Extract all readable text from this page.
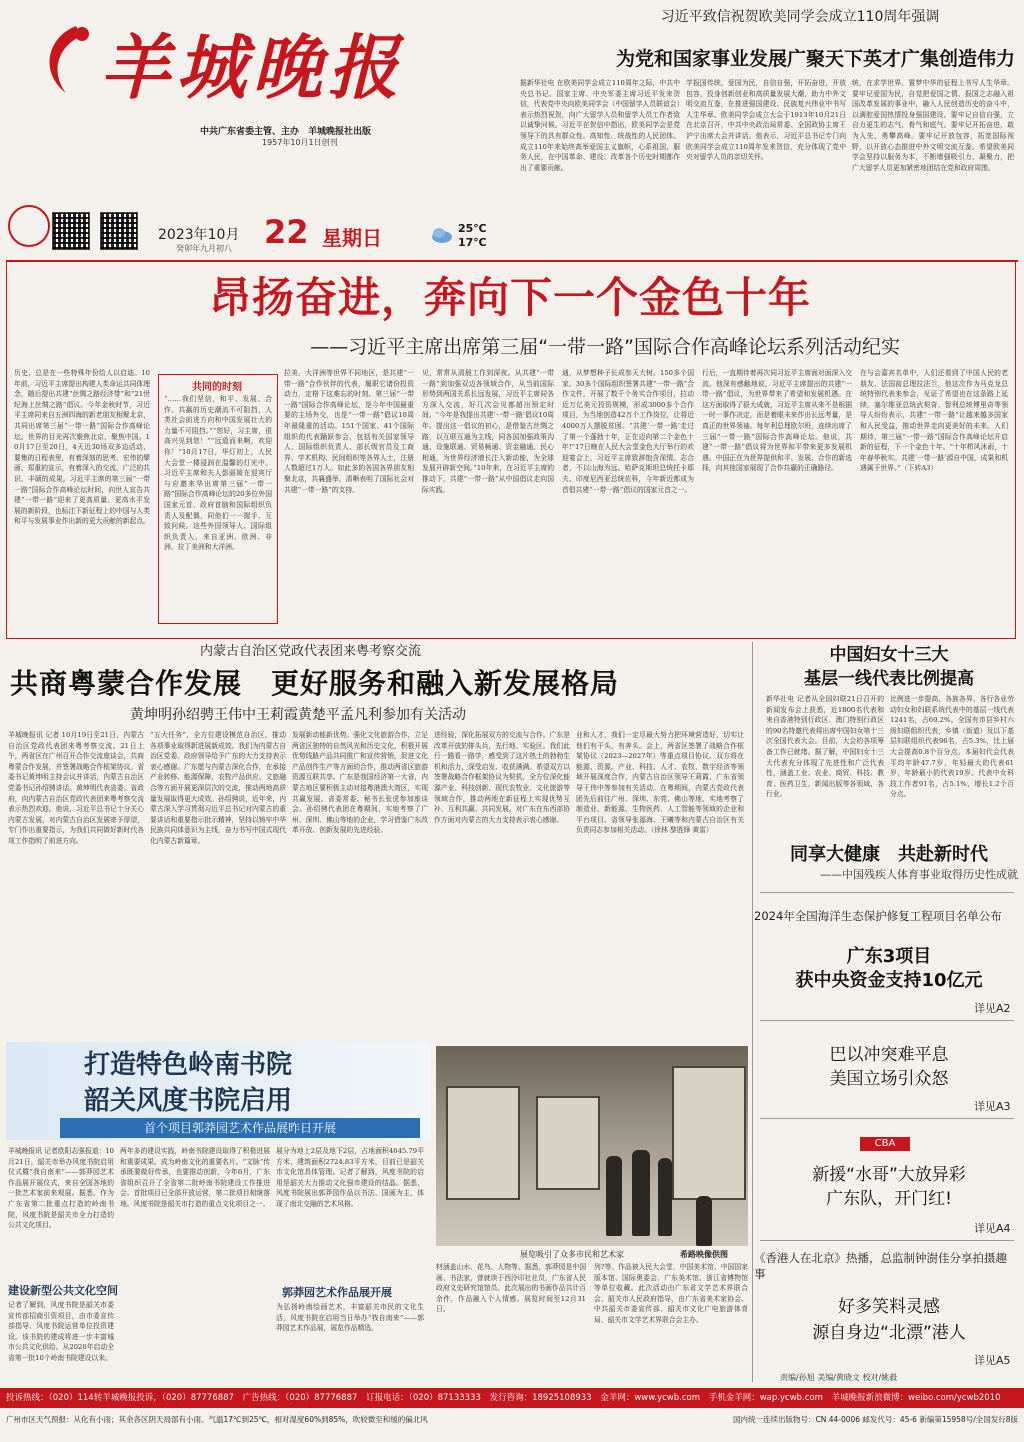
羊城晚报
中共广东省委主管、主办　羊城晚报社出版
1957年10月1日创刊
2023年10月 22 星期日
癸卯年九月初八
25℃
17℃
习近平致信祝贺欧美同学会成立110周年强调
为党和国家事业发展广聚天下英才广集创造伟力
据新华社电 在欧美同学会成立110周年之际，中共中央总书记、国家主席、中央军委主席习近平发来贺信，代表党中央向欧美同学会（中国留学人员联谊会）表示热烈祝贺，向广大留学人员和留学人员工作者致以诚挚问候。习近平在贺信中指出，欧美同学会是党领导下的具有群众性、高知性、统战性的人民团体。成立110年来始终高举爱国主义旗帜，心系祖国，服务人民，在中国革命、建设、改革各个历史时期都作出了重要贡献。
学报国传统，爱国为民，自信自强，开拓奋进，开放包容，投身创新创业和高质量发展大潮，助力中外文明交流互鉴，在推进强国建设、民族复兴伟业中书写人生华章。欧美同学会成立大会于1913年10月21日在北京召开，中共中央政治局常委、全国政协主席王沪宁出席大会并讲话。他表示，习近平总书记专门向欧美同学会成立110周年发来贺信，充分体现了党中央对留学人员的亲切关怀。
统，在求学世界、置梦中华的征程上书写人生华章。要牢记爱国为民，自觉把爱国之情、报国之志融入祖国改革发展的事业中，融入人民创造历史的奋斗中，以满腔爱国热情投身强国建设。要牢记自信自强，立自力更生的志气、骨气和底气。要牢记开拓奋进，敢为人先，勇攀高峰。要牢记开放包容，拓宽国际视野，以开放心态推进中外文明交流互鉴。希望欧美同学会坚持以服务为本，不断增强吸引力、凝聚力，把广大留学人员更加紧密地团结在党和政府周围。
昂扬奋进，奔向下一个金色十年
——习近平主席出席第三届“一带一路”国际合作高峰论坛系列活动纪实
历史，总是在一些特殊年份给人以启迪。10年前，习近平主席提出构建人类命运共同体理念，随后提出共建“丝绸之路经济带”和“21世纪海上丝绸之路”倡议。今年金秋时节，习近平主席同来自五洲四海的新老朋友相聚北京，共同出席第三届“一带一路”国际合作高峰论坛。世界的目光再次聚焦北京，聚焦中国。10月17日至20日，4天近30场双多边活动，要集的日程表里，有着深刻的思考、宏伟的擘画、郑重的宣示，有着深入的交流、广泛的共识、丰硕的成果。习近平主席的第三届“一带一路”国际合作高峰论坛时间，向世人宣告共建“一带一路”迎来了更高质量、更高水平发展的新阶段，也标注下新征程上的中国与人类和平与发展事业作出新的更大贡献的新起点。
共同的时刻
“……我们坚信，和平、发展、合作、共赢的历史潮流不可阻挡，人类社会前进方向和中国发展壮大的力量不可阻挡。”“您好，习主席，很高兴见到您！”“远道而来啊，欢迎你！”10月17日，华灯初上，人民大会堂一楼浸润在温馨的灯光中。习近平主席和夫人彭丽媛在迎宾厅与应邀来华出席第三届“一带一路”国际合作高峰论坛的20多位外国国家元首、政府首脑和国际组织负责人及配偶，同他们一一握手、互致问候。这些外国领导人、国际组织负责人，来自亚洲、欧洲、非洲、拉丁美洲和大洋洲。
拉美、大洋洲等世界不同地区，是共建“一带一路”合作伙伴的代表，履职它诸份投资动力，定格下这难忘的时刻。第三届“一带一路”国际合作高峰论坛，是今年中国最重要的主场外交，也是“一带一路”倡议10周年最隆重的活动。151个国家、41个国际组织的代表踊跃参会，包括有关国家领导人、国际组织负责人、部长级官员及工商界、学术机构、民间组织等各界人士，注册人数超过1万人。如此多的各国各界朋友相聚北京，共襄盛举，清晰表明了国际社会对共建“一带一路”的支持。
见，常常从清晨工作到深夜。从共建“一带一路”到加强双边各领域合作，从当前国际形势到两国关系长远发展，习近平主席同各方深入交流，好几次会见都超出预定时间。“今年是我提出共建‘一带一路’倡议10周年。提出这一倡议的初心，是借鉴古丝绸之路，以互联互通为主线，同各国加强政策沟通、设施联通、贸易畅通、资金融通、民心相通，为世界经济增长注入新动能，为全球发展开辟新空间。”10年来，在习近平主席的推动下，共建“一带一路”从中国倡议走向国际实践。
通，从梦想种子长成参天大树。150多个国家、30多个国际组织签署共建“一带一路”合作文件，开展了数千个务实合作项目，拉动近万亿美元投资规模，形成3000多个合作项目，为当地创造42万个工作岗位，让将近4000万人摆脱贫困。“共建‘一带一路’走过了第一个蓬勃十年，正在迈向第二个金色十年!”17日晚在人民大会堂金色大厅举行的欢迎宴会上，习近平主席致辞饱含深情。志合者，不以山海为远。哈萨克斯坦总统托卡耶夫、印度尼西亚总统佐科，今年新近都成为首倡共建“一带一路”倡议的国家元首之一。
行后，一直期待着再次同习近平主席面对面深入交流。他深有感触地说，习近平主席提出的共建“一带一路”倡议，为世界带来了希望和发展机遇。在这方面取得了很大成就，习近平主席从来不是根据一时一事作决定，而是着眼未来作出长远考量，是真正的世界领袖。每年利总理欧尔班，连续出席了三届“一带一路”国际合作高峰论坛。他说，共建“一带一路”倡议将为世界和平带来更多发展机遇。中国正在为世界提供和平、发展、合作的新选择，向其他国家展现了合作共赢的正确路径。
在与会嘉宾名单中，人们还看到了中国人民的老朋友、法国前总理拉法兰，他这次作为马克龙总统特别代表来参会，见证了希望也在这条路上延续。塞尔维亚总统武契奇、智利总统博里奇等领导人纷纷表示，共建“一带一路”让越来越多国家和人民受益，推动世界走向更美好的未来。人们期待，第三届“一带一路”国际合作高峰论坛开启新的征程，下一个金色十年。“十年栉风沐雨，十年春华秋实。共建‘一带一路’源自中国，成果和机遇属于世界。”（下转A3）
内蒙古自治区党政代表团来粤考察交流
共商粤蒙合作发展　更好服务和融入新发展格局
黄坤明孙绍骋王伟中王莉霞黄楚平孟凡利参加有关活动
羊城晚报讯 记者 10月19日至21日，内蒙古自治区党政代表团来粤考察交流。21日上午，两省区在广州召开合作交流座谈会，共商粤蒙合作发展，并签署战略合作框架协议。省委书记黄坤明主持会议并讲话，内蒙古自治区党委书记孙绍骋讲话。黄坤明代表省委、省政府，向内蒙古自治区党政代表团来粤考察交流表示热烈欢迎。他说，习近平总书记十分关心内蒙古发展，对内蒙古自治区发展寄予厚望，专门作出重要指示，为我们共同做好新时代各项工作指明了前进方向。
“五大任务”，全方位建设模范自治区，推动各项事业取得新进展新成效。我们为内蒙古自治区党委、政府领导给予广东的大力支持表示衷心感谢。广东愿与内蒙古深化合作，在承接产业转移、能源保障、农牧产品供应、文旅融合等方面开展更深层次的交流，推动两地高质量发展取得更大成效。孙绍骋说，近年来，内蒙古深入学习贯彻习近平总书记对内蒙古的重要讲话和重要指示批示精神，坚持以铸牢中华民族共同体意识为主线，奋力书写中国式现代化内蒙古新篇章。
发展新动能新优势。强化文化旅游合作，立足两省区独特的自然风光和历史文化，积极开展优势线路产品共同推广和宣传营销，促进文化产品创作生产等方面的合作，推动两省区旅游资源互联共享。广东是我国经济第一大省，内蒙古地区要积极主动对接粤港澳大湾区，实现共赢发展。省委常委、秘书长张虎参加座谈会。孙绍骋代表团在粤期间，实地考察了广州、深圳、佛山等地的企业，学习借鉴广东改革开放、创新发展的先进经验。
进经验，深化拓展双方的交流与合作。广东是改革开放的排头兵，先行地、实验区。我们此行一路看一路学，感受到了这片热土的勃勃生机和活力，深受启发、收获满满。希望双方以签署战略合作框架协议为契机，全方位深化能源产业、科技创新、现代农牧业、文化旅游等领域合作，推动两地在新征程上实现优势互补、互利共赢、共同发展。对广东在东西部协作方面对内蒙古的大力支持表示衷心感谢。
业和人才，我们一定尽最大努力把环境营造好，切实让他们有干头、有奔头。会上，两省区签署了战略合作框架协议（2023—2027年）等重点项目协议。双方将在能源、资源、产业、科技、人才、农牧、数字经济等领域开展深度合作，内蒙古自治区领导王莉霞、广东省领导王伟中等参加有关活动。在粤期间，内蒙古党政代表团先后前往广州、深圳、东莞、佛山等地，实地考察了制造业、新能源、生物医药、人工智能等领域的企业和平台项目。省领导张福海、王曦等和内蒙古自治区有关负责同志参加相关活动。（徐林 黎胜锋 黄雷）
中国妇女十三大
基层一线代表比例提高
新华社电 记者从全国妇联21日召开的新闻发布会上获悉，近1800名代表和来自香港特别行政区、澳门特别行政区的90名特邀代表将出席中国妇女第十三次全国代表大会。目前，大会的各项筹备工作已就绪。据了解，中国妇女十三大代表充分体现了先进性和广泛代表性，涵盖工业、农业、商贸、科技、教育、医药卫生、新闻出版等各领域、各行业。
比例进一步提高，各族各界、各行各业劳动妇女和妇联系统代表中的基层一线代表1241名，占69.2%。全国有市县乡村六级妇联组织代表，乡镇（街道）及以下基层妇联组织代表96名，占5.3%，比上届大会提高0.8个百分点。本届妇代会代表平均年龄47.7岁，年轻最大的代表61岁，年龄最小的代表19岁。代表中女科技工作者91名，占5.1%，增长1.2个百分点。
同享大健康　共赴新时代
——中国残疾人体育事业取得历史性成就
2024年全国海洋生态保护修复工程项目名单公布
广东3项目
获中央资金支持10亿元
详见A2
巴以冲突难平息
美国立场引众怒
详见A3
CBA
新援“水哥”大放异彩
广东队，开门红!
详见A4
《香港人在北京》热播，总监制钟澍佳分享拍摄趣事
好多笑料灵感
源自身边“北漂”港人
详见A5
责编/孙旭 美编/黄晓文 校对/姚毅
打造特色岭南书院
韶关风度书院启用
首个项目郭莽园艺术作品展昨日开展
羊城晚报讯 记者欧阳志强报道：10月21日，韶关市举办风度书院启用仪式暨“我自南来”——郭莽园艺术作品展开展仪式，来自全国各地的一批艺术家前来观展。据悉，作为广东省第二批重点打造的岭南书院，风度书院是韶关市全力打造的公共文化项目。
建设新型公共文化空间
记者了解到，风度书院是韶关市委宣传部招商引资项目，由市委宣传部指导、风度书院运营单位投资建设。该书院的建成将进一步丰富城市公共文化供给。从2020年启动全省第一批10个岭南书院建设以来。
两年多的建设实践，岭南书院建设取得了积极进展和重要成果。成为岭南文化的重要名片。“文脉”传承既要做好传承，也要推动创新，今年6月，广东省组织召开了全省第二批岭南书院建设工作推进会。首批项目已全部开放运营，第二批项目相继落地。风度书院是韶关市打造的重点文化项目之一。
展分为地上2层及地下2层，占地面积4645.79平方米，建筑面积2724.83平方米，目前已是韶关市文化馆具体管理。记者了解到，风度书院的启用是韶关大力推动文化强市建设的结晶。据悉，风度书院展出郭莽园作品以书法、国画为主，体现了南北交融的艺术风格。
郭莽园艺术作品展开展
为弘扬岭南绘画艺术，丰富韶关市民的文化生活，风度书院在启用当日举办“我自南来”——郭莽园艺术作品展，展览作品精选。
展览吸引了众多市民和艺术家	希路映像供图
材涵盖山水、花鸟、人物等。据悉，郭莽园是中国画、书法家，曾就读于西泠印社社员，广东省人民政府文史研究馆馆员。此次展出的书画作品共计百余件，作品融入个人情感。展览时间至12月31日。
列?等。作品被人民大会堂、中国美术馆、中国国家版本馆、国际奥委会、广东美术馆、浙江省博物馆等单位收藏。此次活动由广东省文学艺术界联合会、韶关市人民政府指导，由广东省美术家协会、中共韶关市委宣传部、韶关市文化广电旅游体育局、韶关市文学艺术界联合会主办。
投诉热线：（020）114转羊城晚报投诉，（020）87776887 广告热线：（020）87776887 订报电话：（020）87133333 发行咨询：18925108933 金羊网：www.ycwb.com 手机金羊网：wap.ycwb.com 羊城晚报新浪微博：weibo.com/ycwb2010
广州市区天气预报：从化有小雨；其余各区阴天局部有小雨。气温17℃到25℃，相对湿度60%到85%，吹较微至和缓的偏北风	国内统一连续出版物号：CN 44-0006 邮发代号：45-6 新编第15958号/全国发行8版
